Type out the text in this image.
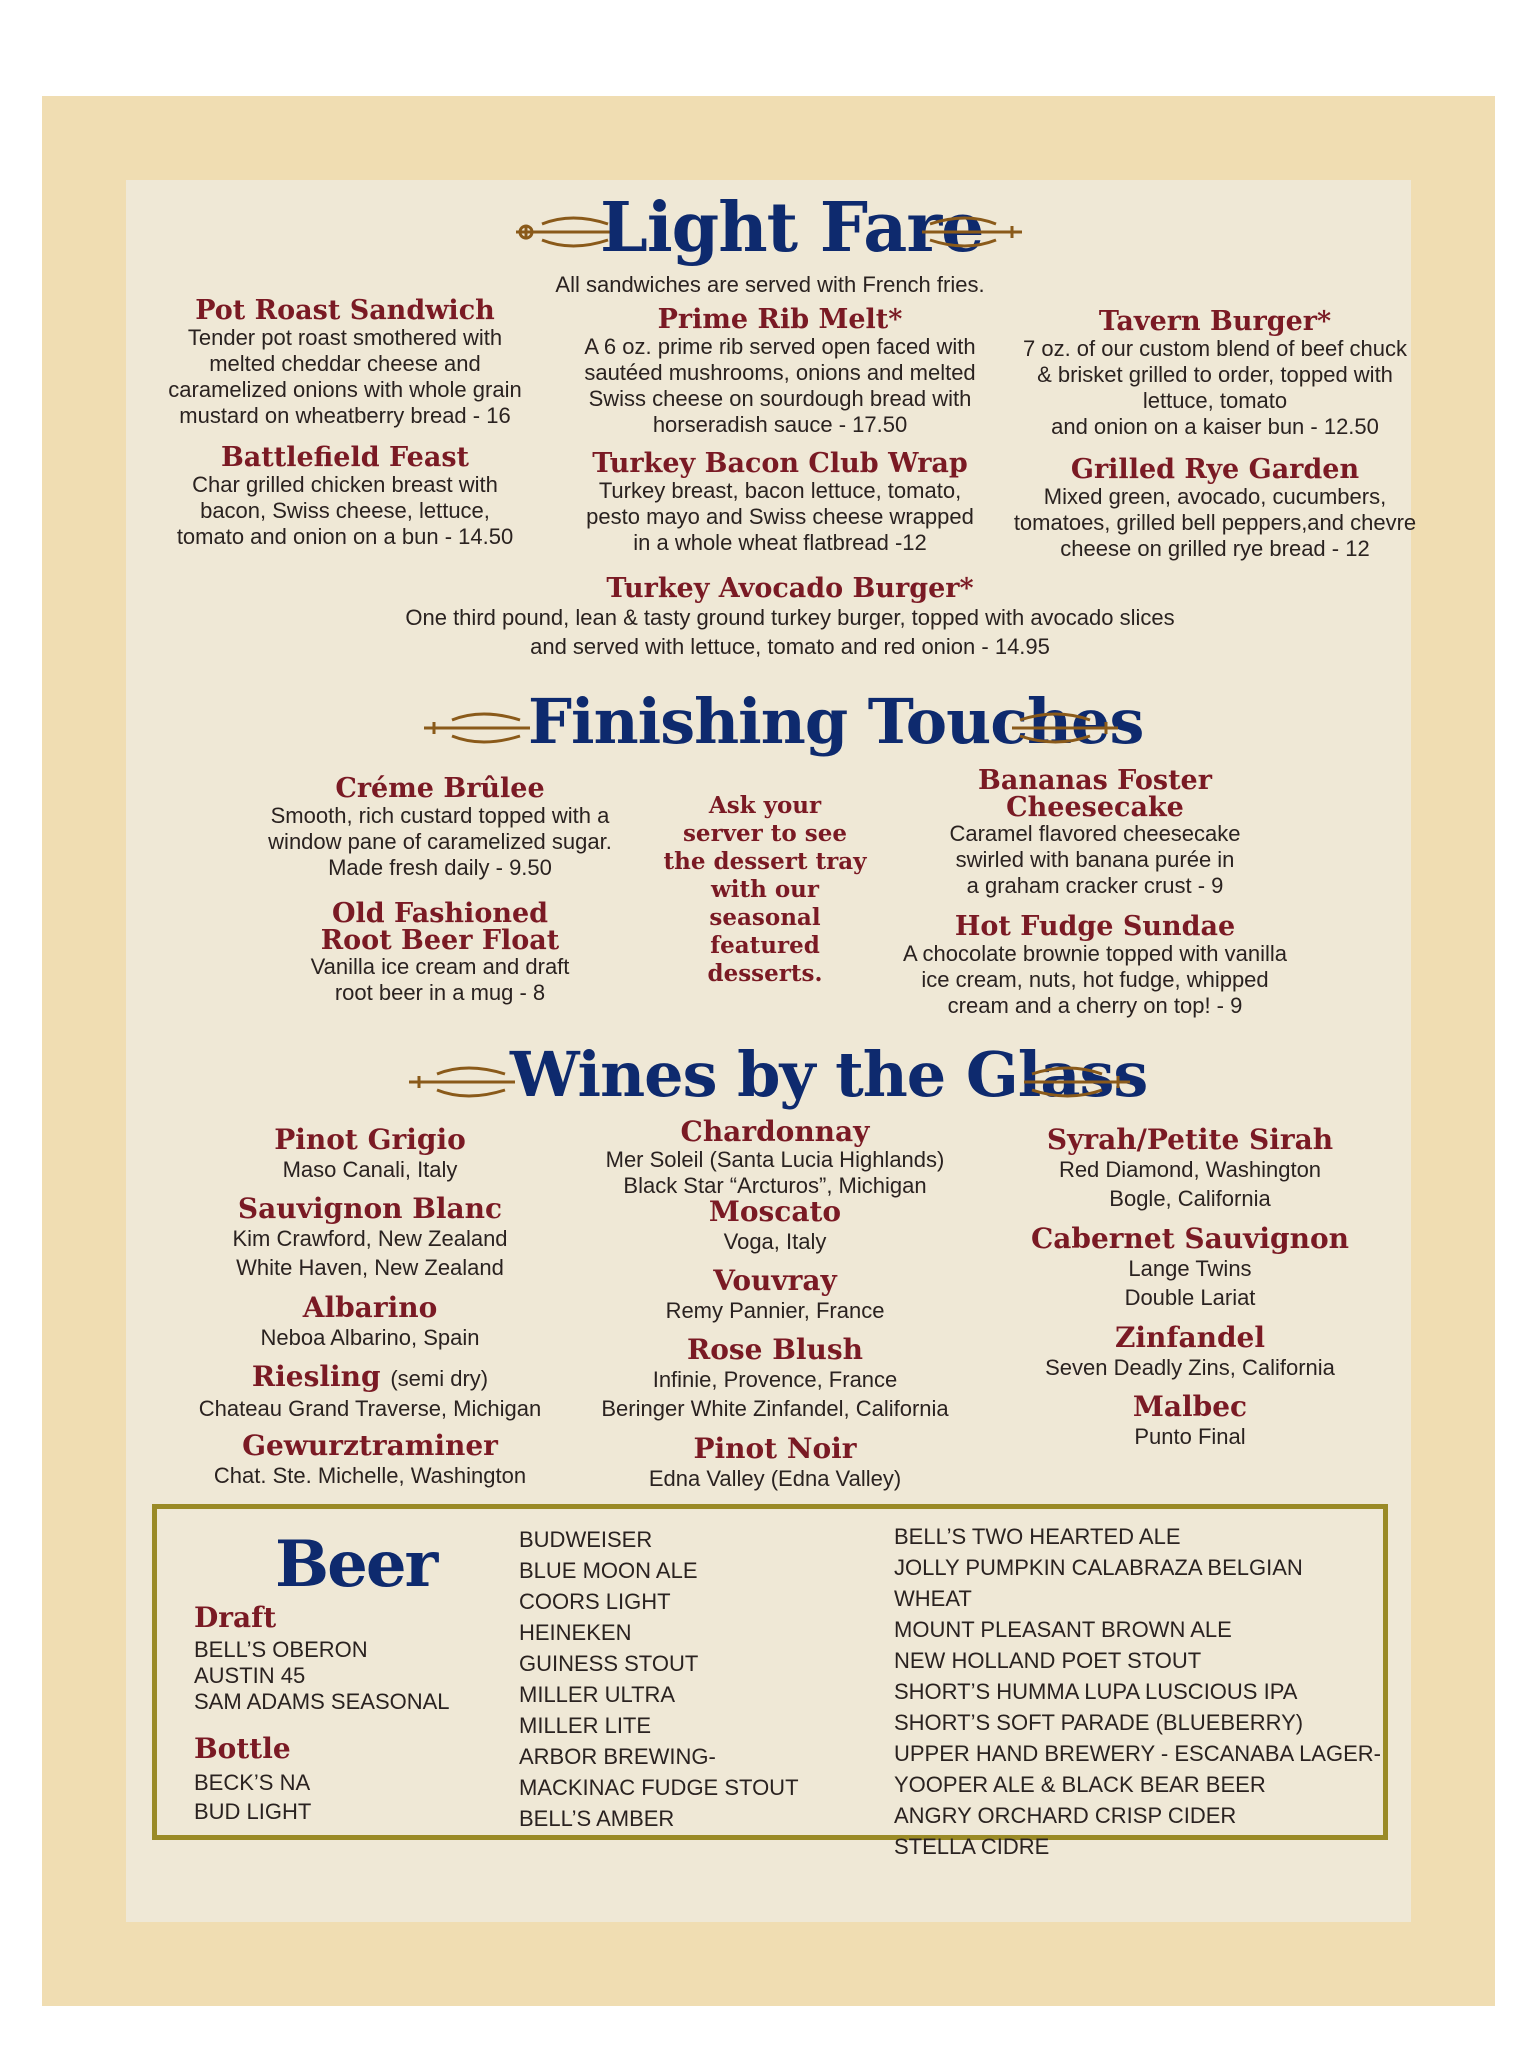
Light Fare
All sandwiches are served with French fries.
Pot Roast Sandwich
Tender pot roast smothered with
melted cheddar cheese and
caramelized onions with whole grain
mustard on wheatberry bread - 16
Battlefield Feast
Char grilled chicken breast with
bacon, Swiss cheese, lettuce,
tomato and onion on a bun - 14.50
Prime Rib Melt*
A 6 oz. prime rib served open faced with
sautéed mushrooms, onions and melted
Swiss cheese on sourdough bread with
horseradish sauce - 17.50
Turkey Bacon Club Wrap
Turkey breast, bacon lettuce, tomato,
pesto mayo and Swiss cheese wrapped
in a whole wheat flatbread -12
Tavern Burger*
7 oz. of our custom blend of beef chuck
& brisket grilled to order, topped with
lettuce, tomato
and onion on a kaiser bun - 12.50
Grilled Rye Garden
Mixed green, avocado, cucumbers,
tomatoes, grilled bell peppers,and chevre
cheese on grilled rye bread - 12
Turkey Avocado Burger*
One third pound, lean & tasty ground turkey burger, topped with avocado slices
and served with lettuce, tomato and red onion - 14.95
Finishing Touches
Créme Brûlee
Smooth, rich custard topped with a
window pane of caramelized sugar.
Made fresh daily - 9.50
Old Fashioned
Root Beer Float
Vanilla ice cream and draft
root beer in a mug - 8
Ask your
server to see
the dessert tray
with our
seasonal
featured
desserts.
Bananas Foster
Cheesecake
Caramel flavored cheesecake
swirled with banana purée in
a graham cracker crust - 9
Hot Fudge Sundae
A chocolate brownie topped with vanilla
ice cream, nuts, hot fudge, whipped
cream and a cherry on top! - 9
Wines by the Glass
Pinot Grigio
Maso Canali, Italy
Sauvignon Blanc
Kim Crawford, New Zealand
White Haven, New Zealand
Albarino
Neboa Albarino, Spain
Riesling (semi dry)
Chateau Grand Traverse, Michigan
Gewurztraminer
Chat. Ste. Michelle, Washington
Chardonnay
Mer Soleil (Santa Lucia Highlands)
Black Star “Arcturos”, Michigan
Moscato
Voga, Italy
Vouvray
Remy Pannier, France
Rose Blush
Infinie, Provence, France
Beringer White Zinfandel, California
Pinot Noir
Edna Valley (Edna Valley)
Syrah/Petite Sirah
Red Diamond, Washington
Bogle, California
Cabernet Sauvignon
Lange Twins
Double Lariat
Zinfandel
Seven Deadly Zins, California
Malbec
Punto Final
Beer
Draft
BELL’S OBERON
AUSTIN 45
SAM ADAMS SEASONAL
Bottle
BECK’S NA
BUD LIGHT
BUDWEISER
BLUE MOON ALE
COORS LIGHT
HEINEKEN
GUINESS STOUT
MILLER ULTRA
MILLER LITE
ARBOR BREWING-
MACKINAC FUDGE STOUT
BELL’S AMBER
BELL’S TWO HEARTED ALE
JOLLY PUMPKIN CALABRAZA BELGIAN WHEAT
MOUNT PLEASANT BROWN ALE
NEW HOLLAND POET STOUT
SHORT’S HUMMA LUPA LUSCIOUS IPA
SHORT’S SOFT PARADE (BLUEBERRY)
UPPER HAND BREWERY - ESCANABA LAGER-
YOOPER ALE & BLACK BEAR BEER
ANGRY ORCHARD CRISP CIDER
STELLA CIDRE
